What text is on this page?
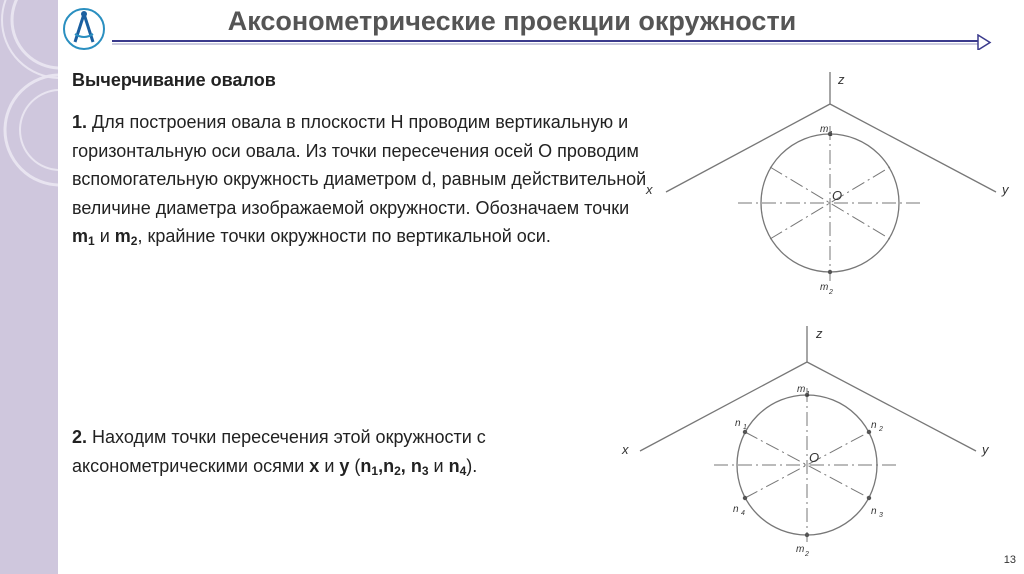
Аксонометрические проекции окружности
Вычерчивание овалов
1. Для построения овала в плоскости Н проводим вертикальную и горизонтальную оси овала. Из точки пересечения осей О проводим вспомогательную окружность диаметром d, равным действительной величине диаметра изображаемой окружности. Обозначаем точки $m_1$ и $m_2$, крайние точки окружности по вертикальной оси.
2. Находим точки пересечения этой окружности с аксонометрическими осями x и y ($n_1,n_2$, $n_3$ и $n_4$).
z
x	y
O
m 1
m 2
z
x	y
O
m 1
m 2
n 1	n 2
n 3
n 4
13
